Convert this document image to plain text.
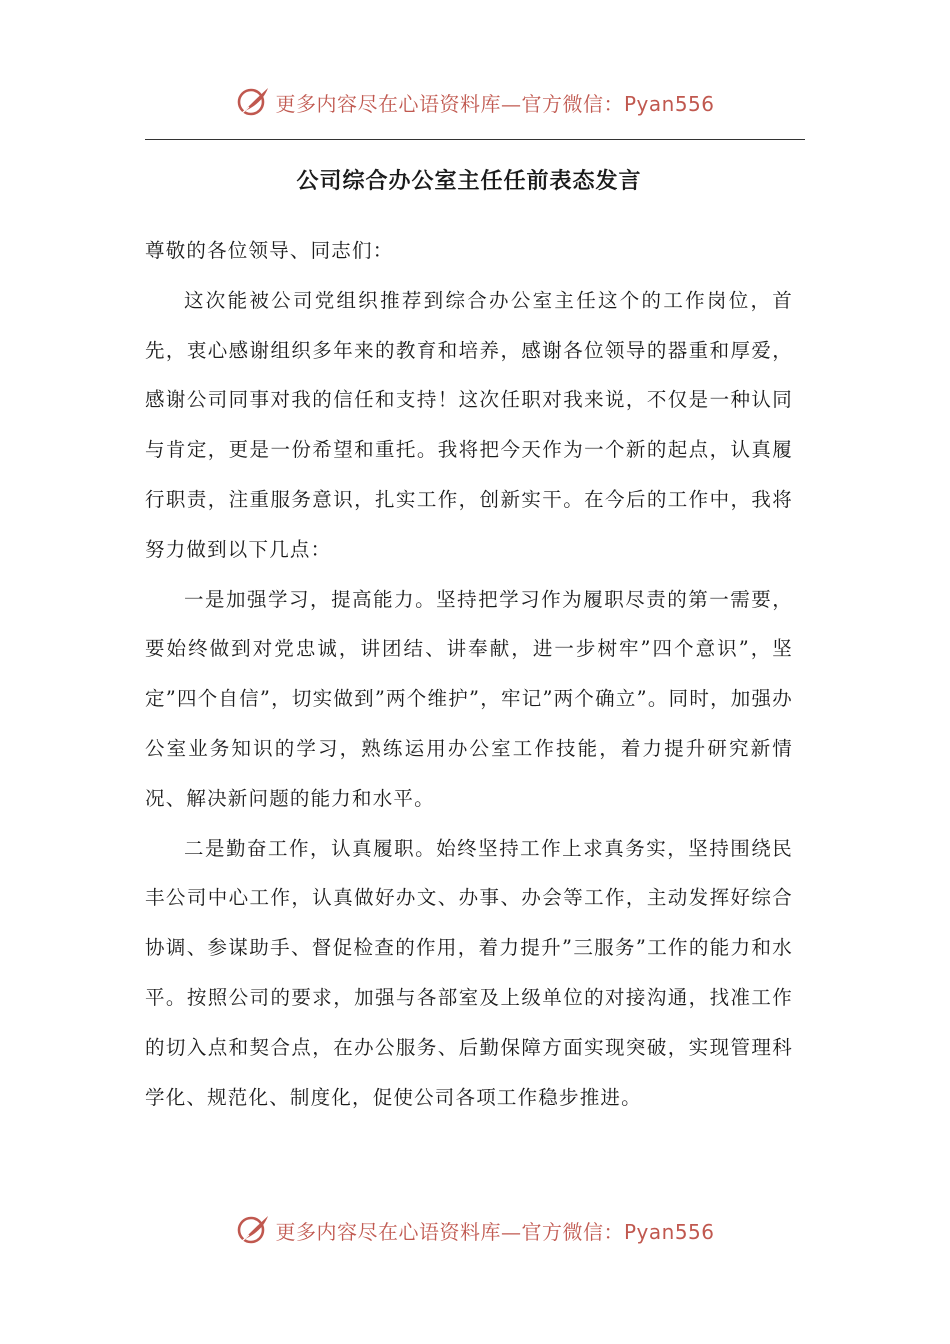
更多内容尽在心语资料库—官方微信：Pyan556
公司综合办公室主任任前表态发言

尊敬的各位领导、同志们：

这次能被公司党组织推荐到综合办公室主任这个的工作岗位，首先，衷心感谢组织多年来的教育和培养，感谢各位领导的器重和厚爱，感谢公司同事对我的信任和支持！这次任职对我来说，不仅是一种认同与肯定，更是一份希望和重托。我将把今天作为一个新的起点，认真履行职责，注重服务意识，扎实工作，创新实干。在今后的工作中，我将努力做到以下几点：

一是加强学习，提高能力。坚持把学习作为履职尽责的第一需要，要始终做到对党忠诚，讲团结、讲奉献，进一步树牢”四个意识”，坚定”四个自信”，切实做到”两个维护”，牢记”两个确立”。同时，加强办公室业务知识的学习，熟练运用办公室工作技能，着力提升研究新情况、解决新问题的能力和水平。

二是勤奋工作，认真履职。始终坚持工作上求真务实，坚持围绕民丰公司中心工作，认真做好办文、办事、办会等工作，主动发挥好综合协调、参谋助手、督促检查的作用，着力提升”三服务”工作的能力和水平。按照公司的要求，加强与各部室及上级单位的对接沟通，找准工作的切入点和契合点，在办公服务、后勤保障方面实现突破，实现管理科学化、规范化、制度化，促使公司各项工作稳步推进。

更多内容尽在心语资料库—官方微信：Pyan556
